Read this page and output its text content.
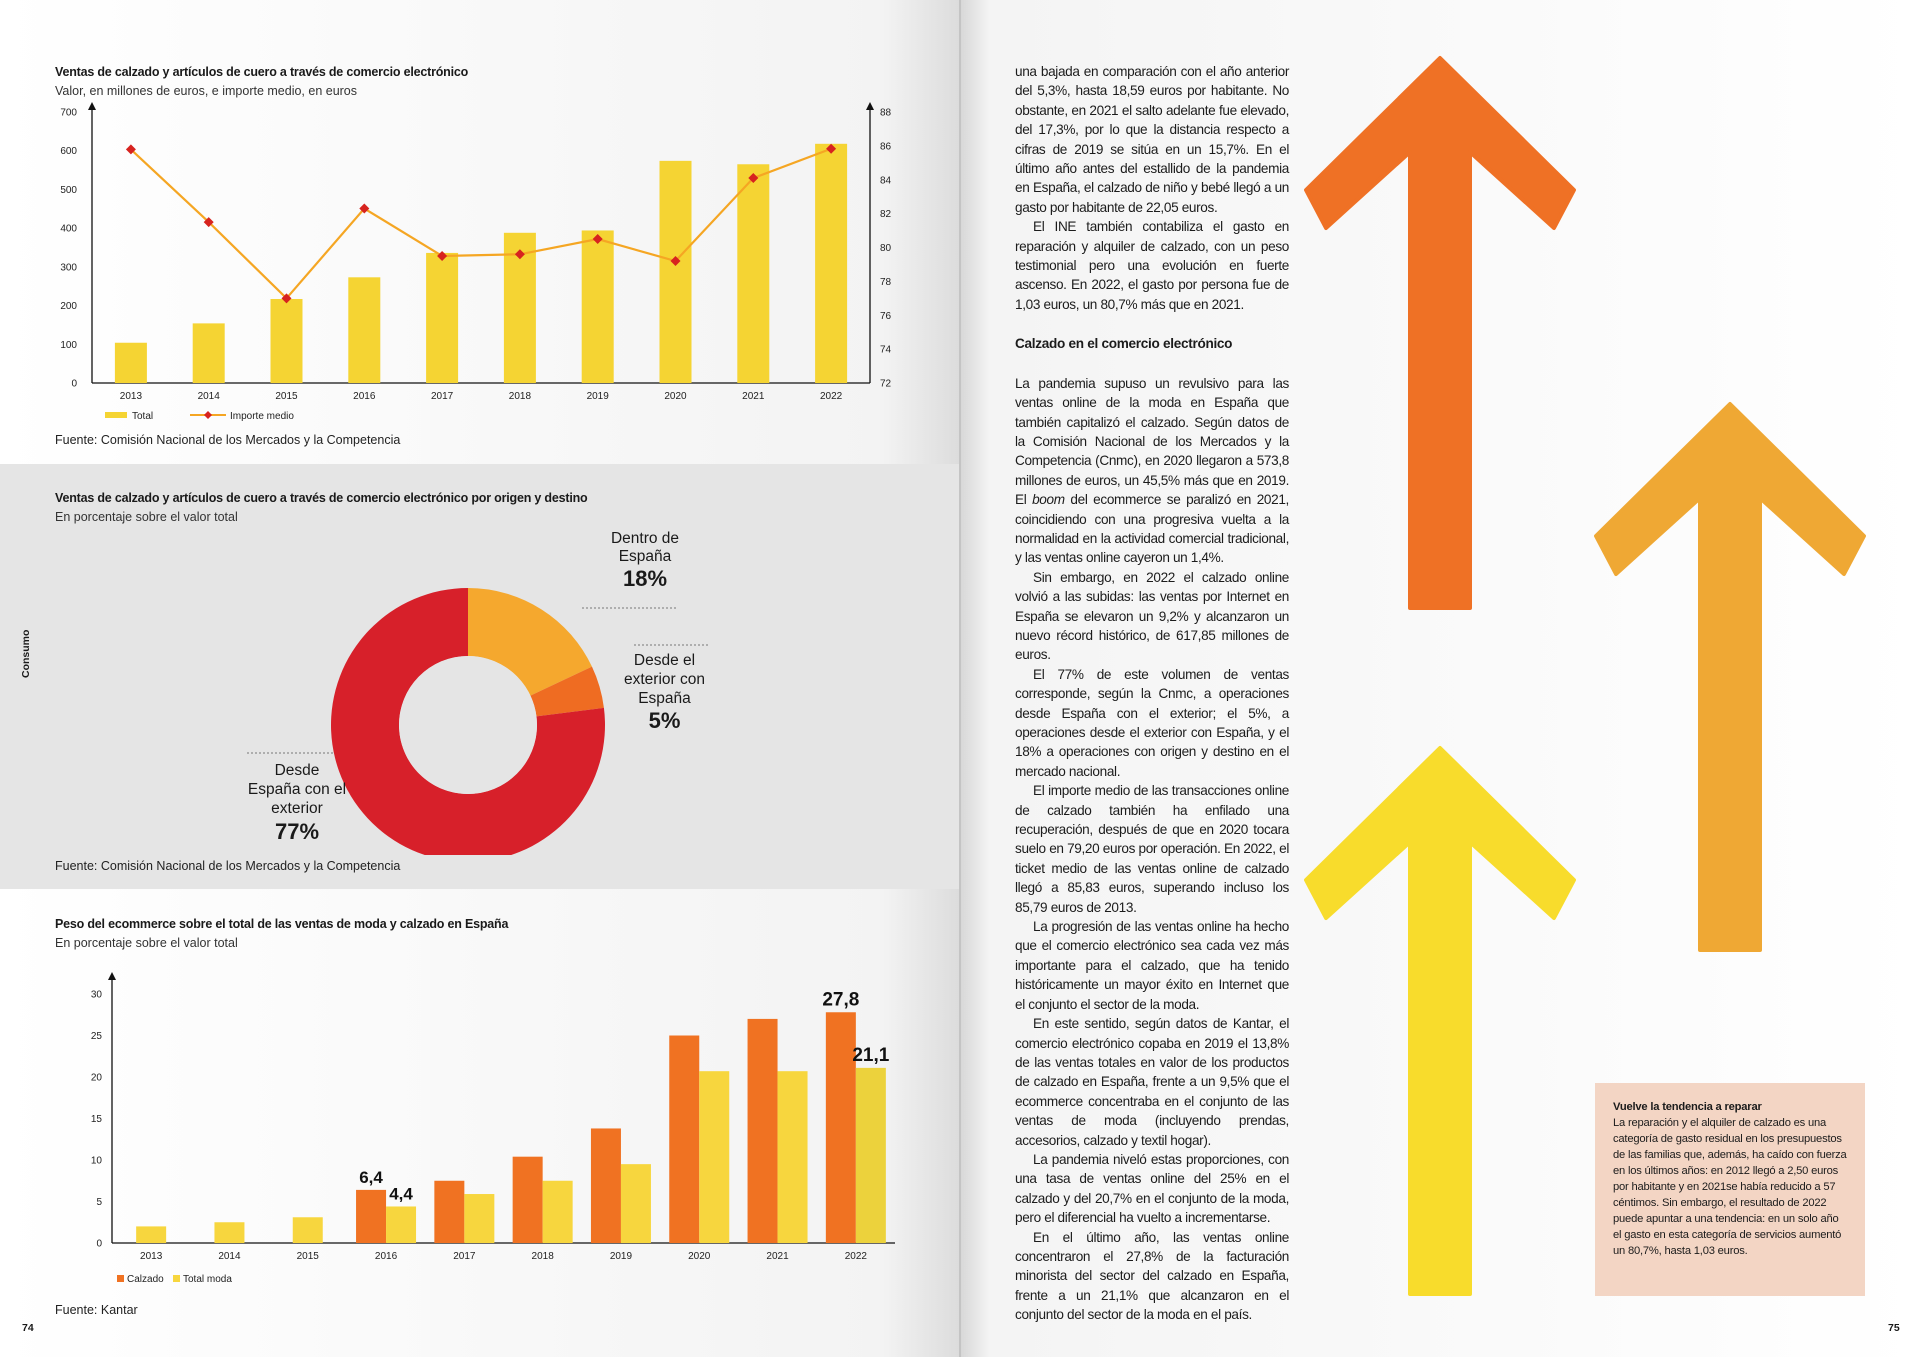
Ventas de calzado y artículos de cuero a través de comercio electrónico
Valor, en millones de euros, e importe medio, en euros
0
100
200
300
400
500
600
700
72
74
76
78
80
82
84
86
88
2013	2014	2015	2016	2017	2018	2019	2020	2021	2022
Total	Importe medio
Fuente: Comisión Nacional de los Mercados y la Competencia
Ventas de calzado y artículos de cuero a través de comercio electrónico por origen y destino
En porcentaje sobre el valor total
Dentro de
España
18%
Desde el
exterior con
España
5%
Desde
España con el
exterior
77%
Fuente: Comisión Nacional de los Mercados y la Competencia
Peso del ecommerce sobre el total de las ventas de moda y calzado en España
En porcentaje sobre el valor total
0
5
10
15
20
25
30
2013	2014	2015	2016	2017	2018	2019	2020	2021	2022
6,4
4,4
27,8
21,1
Calzado Total moda
Fuente: Kantar
Consumo
74

una bajada en comparación con el año anterior del 5,3%, hasta 18,59 euros por habitante. No obstante, en 2021 el salto adelante fue elevado, del 17,3%, por lo que la distancia respecto a cifras de 2019 se sitúa en un 15,7%. En el último año antes del estallido de la pandemia en España, el calzado de niño y bebé llegó a un gasto por habitante de 22,05 euros.

El INE también contabiliza el gasto en reparación y alquiler de calzado, con un peso testimonial pero una evolución en fuerte ascenso. En 2022, el gasto por persona fue de 1,03 euros, un 80,7% más que en 2021.

Calzado en el comercio electrónico

La pandemia supuso un revulsivo para las ventas online de la moda en España que también capitalizó el calzado. Según datos de la Comisión Nacional de los Mercados y la Competencia (Cnmc), en 2020 llegaron a 573,8 millones de euros, un 45,5% más que en 2019. El boom del ecommerce se paralizó en 2021, coincidiendo con una progresiva vuelta a la normalidad en la actividad comercial tradicional, y las ventas online cayeron un 1,4%.

Sin embargo, en 2022 el calzado online volvió a las subidas: las ventas por Internet en España se elevaron un 9,2% y alcanzaron un nuevo récord histórico, de 617,85 millones de euros.

El 77% de este volumen de ventas corresponde, según la Cnmc, a operaciones desde España con el exterior; el 5%, a operaciones desde el exterior con España, y el 18% a operaciones con origen y destino en el mercado nacional.

El importe medio de las transacciones online de calzado también ha enfilado una recuperación, después de que en 2020 tocara suelo en 79,20 euros por operación. En 2022, el ticket medio de las ventas online de calzado llegó a 85,83 euros, superando incluso los 85,79 euros de 2013.

La progresión de las ventas online ha hecho que el comercio electrónico sea cada vez más importante para el calzado, que ha tenido históricamente un mayor éxito en Internet que el conjunto el sector de la moda.

En este sentido, según datos de Kantar, el comercio electrónico copaba en 2019 el 13,8% de las ventas totales en valor de los productos de calzado en España, frente a un 9,5% que el ecommerce concentraba en el conjunto de las ventas de moda (incluyendo prendas, accesorios, calzado y textil hogar).

La pandemia niveló estas proporciones, con una tasa de ventas online del 25% en el calzado y del 20,7% en el conjunto de la moda, pero el diferencial ha vuelto a incrementarse.

En el último año, las ventas online concentraron el 27,8% de la facturación minorista del sector del calzado en España, frente a un 21,1% que alcanzaron en el conjunto del sector de la moda en el país.

Vuelve la tendencia a reparar
La reparación y el alquiler de calzado es una categoría de gasto residual en los presupuestos de las familias que, además, ha caído con fuerza en los últimos años: en 2012 llegó a 2,50 euros por habitante y en 2021se había reducido a 57 céntimos. Sin embargo, el resultado de 2022 puede apuntar a una tendencia: en un solo año el gasto en esta categoría de servicios aumentó un 80,7%, hasta 1,03 euros.
75
